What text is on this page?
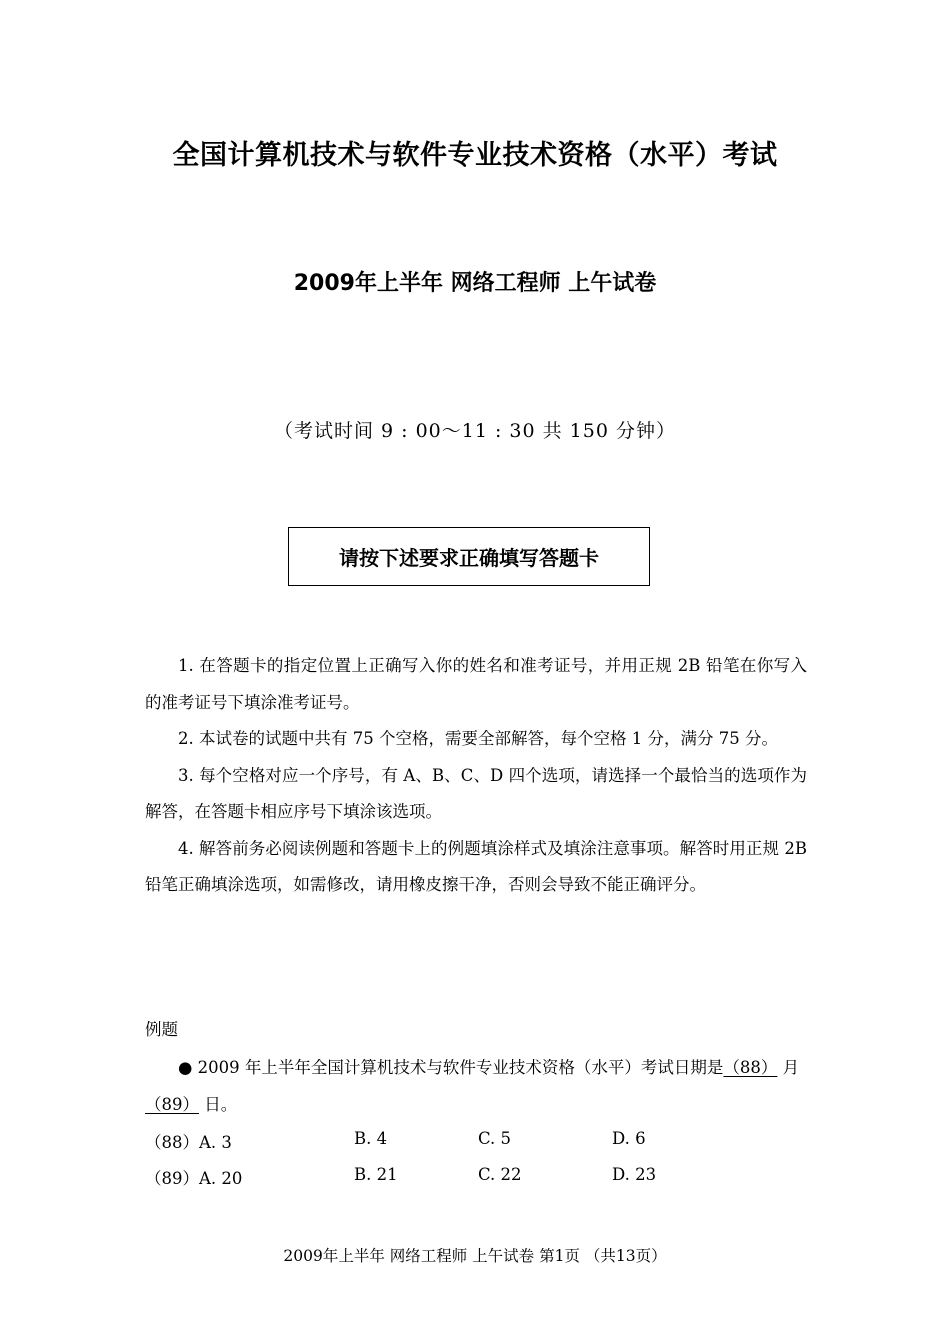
全国计算机技术与软件专业技术资格（水平）考试
2009年上半年 网络工程师 上午试卷
（考试时间 9 : 00～11 : 30 共 150 分钟）
请按下述要求正确填写答题卡

1. 在答题卡的指定位置上正确写入你的姓名和准考证号，并用正规 2B 铅笔在你写入的准考证号下填涂准考证号。

2. 本试卷的试题中共有 75 个空格，需要全部解答，每个空格 1 分，满分 75 分。

3. 每个空格对应一个序号，有 A、B、C、D 四个选项，请选择一个最恰当的选项作为解答，在答题卡相应序号下填涂该选项。

4. 解答前务必阅读例题和答题卡上的例题填涂样式及填涂注意事项。解答时用正规 2B 铅笔正确填涂选项，如需修改，请用橡皮擦干净，否则会导致不能正确评分。

例题

● 2009 年上半年全国计算机技术与软件专业技术资格（水平）考试日期是（88） 月 （89） 日。

（88）A. 3	B. 4	C. 5	D. 6
（89）A. 20	B. 21	C. 22	D. 23
2009年上半年 网络工程师 上午试卷 第1页 （共13页）
